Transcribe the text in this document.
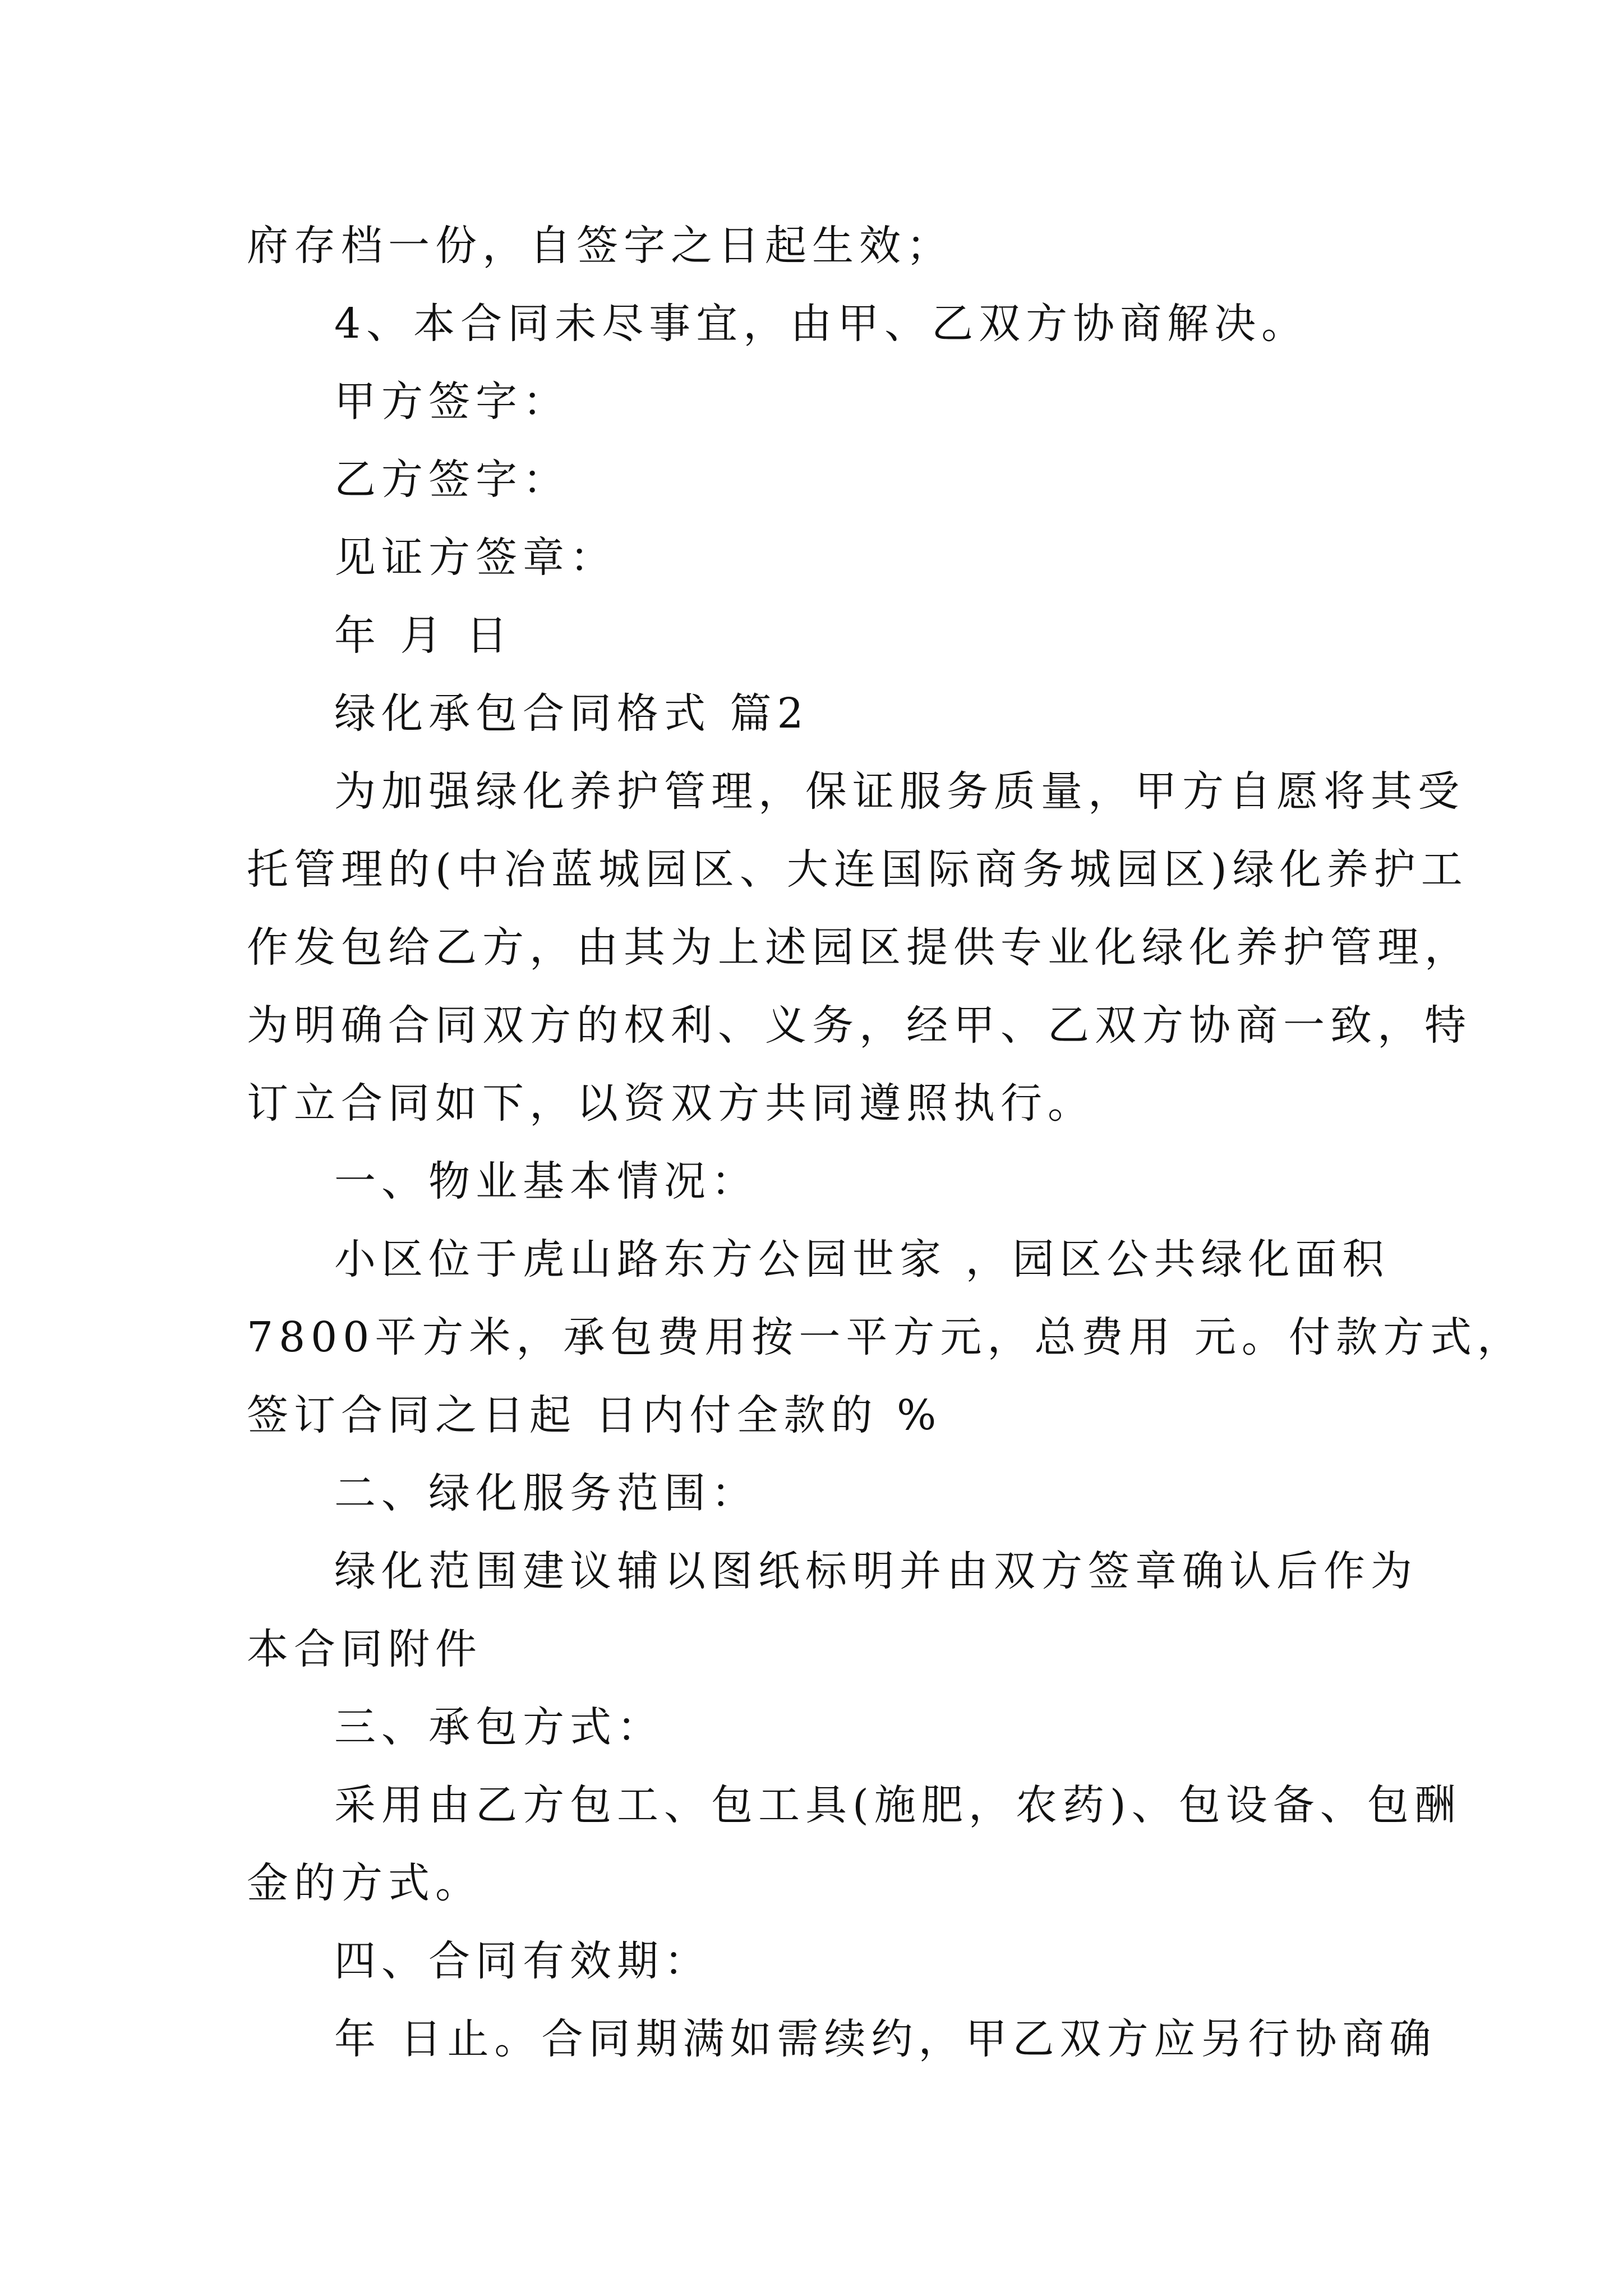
府存档一份，自签字之日起生效；
4、本合同未尽事宜，由甲、乙双方协商解决。
甲方签字：
乙方签字：
见证方签章：
年 月 日
绿化承包合同格式 篇2
为加强绿化养护管理，保证服务质量，甲方自愿将其受
托管理的(中冶蓝城园区、大连国际商务城园区)绿化养护工
作发包给乙方，由其为上述园区提供专业化绿化养护管理，
为明确合同双方的权利、义务，经甲、乙双方协商一致，特
订立合同如下，以资双方共同遵照执行。
一、物业基本情况：
小区位于虎山路东方公园世家 ，园区公共绿化面积
7800平方米，承包费用按一平方元，总费用 元。付款方式，
签订合同之日起 日内付全款的 %
二、绿化服务范围：
绿化范围建议辅以图纸标明并由双方签章确认后作为
本合同附件
三、承包方式：
采用由乙方包工、包工具(施肥，农药)、包设备、包酬
金的方式。
四、合同有效期：
年 日止。合同期满如需续约，甲乙双方应另行协商确
